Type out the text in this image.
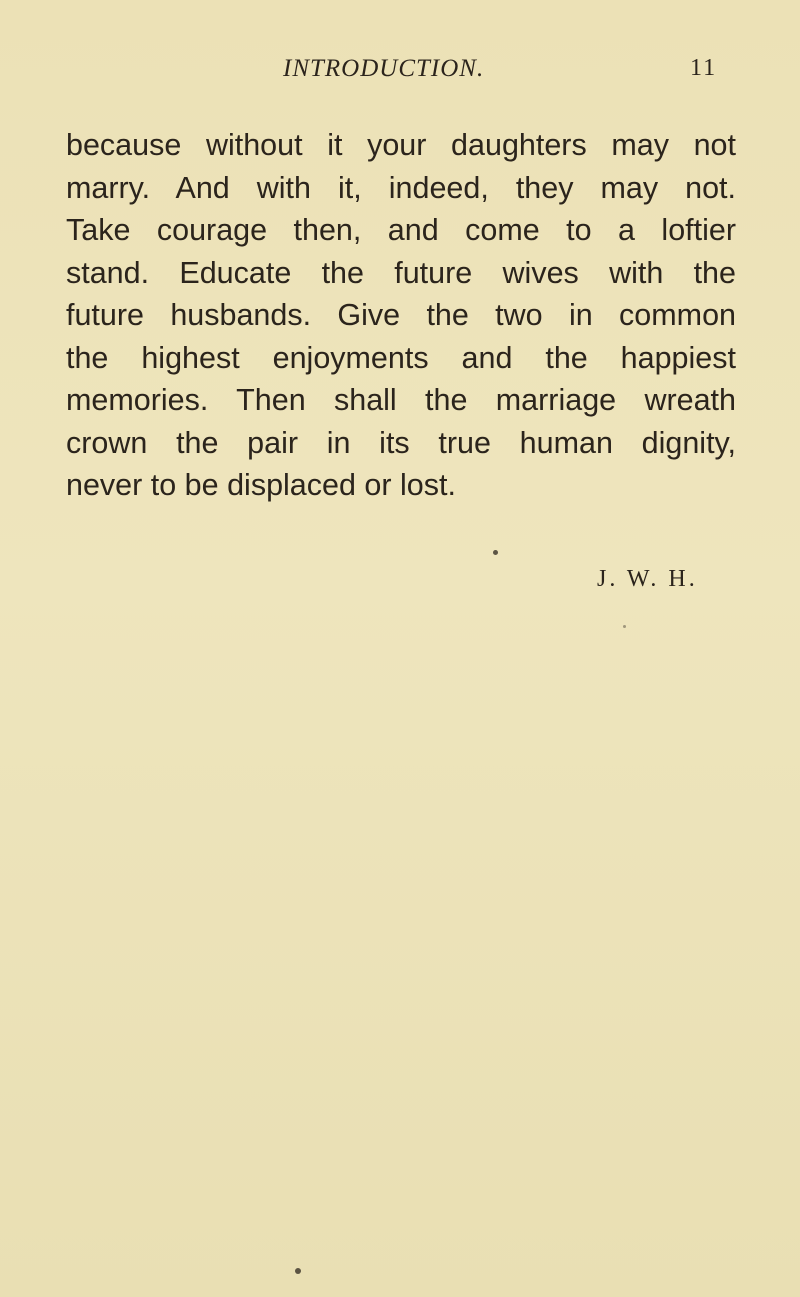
INTRODUCTION.	11
because without it your daughters may not
marry. And with it, indeed, they may not.
Take courage then, and come to a loftier
stand. Educate the future wives with the
future husbands. Give the two in common
the highest enjoyments and the happiest
memories. Then shall the marriage wreath
crown the pair in its true human dignity,
never to be displaced or lost.
J. W. H.
